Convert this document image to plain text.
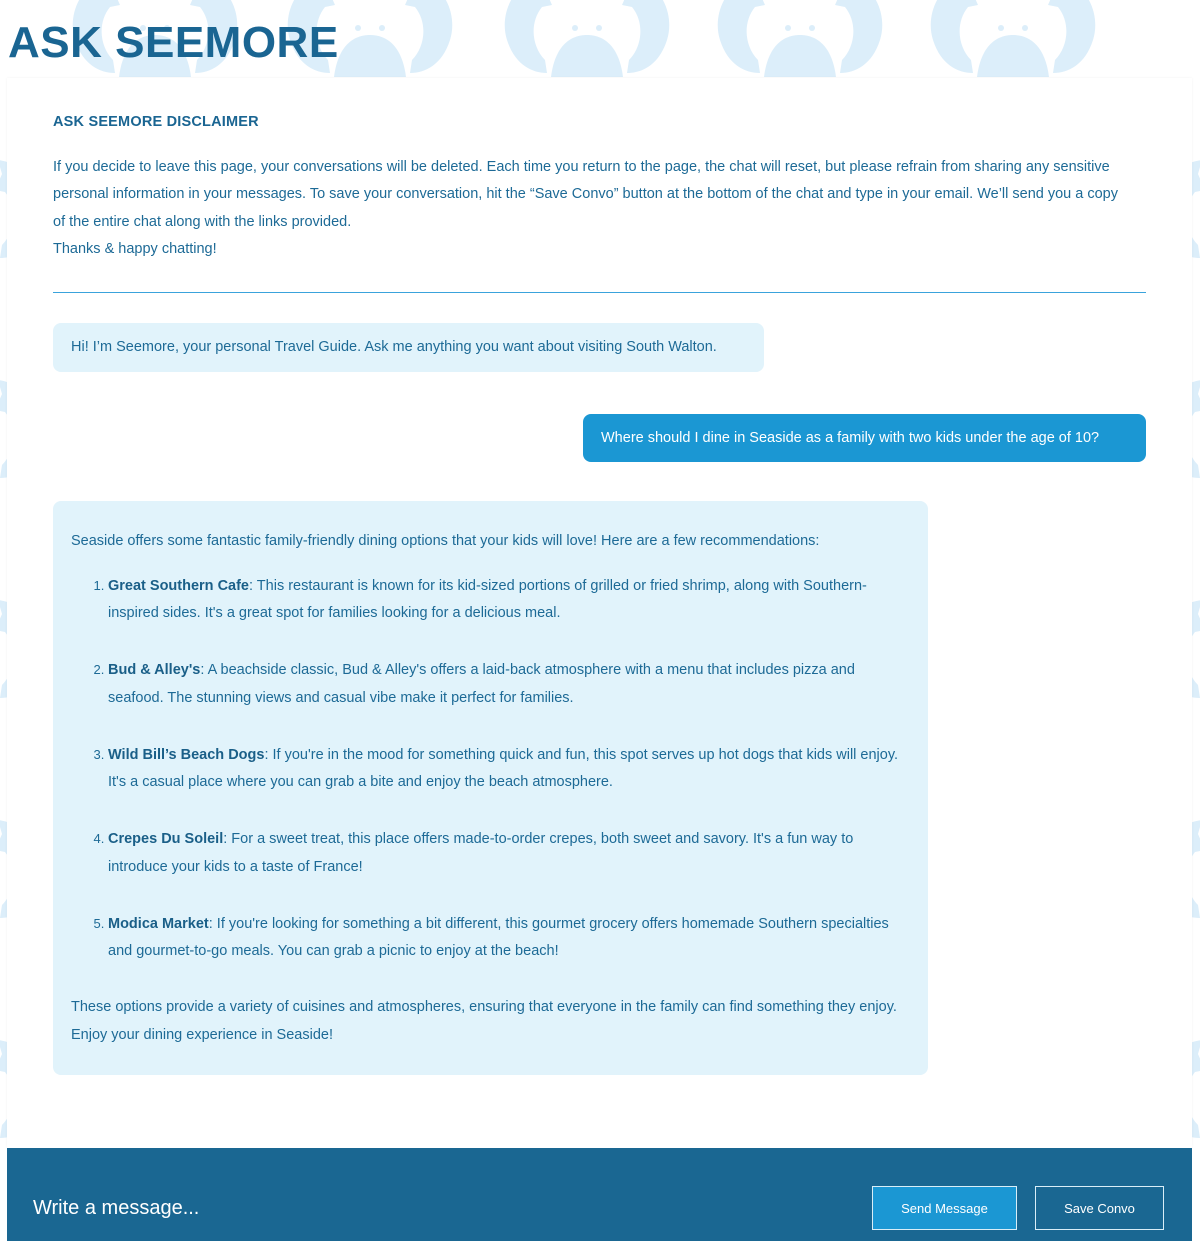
ASK SEEMORE
ASK SEEMORE DISCLAIMER

If you decide to leave this page, your conversations will be deleted. Each time you return to the page, the chat will reset, but please refrain from sharing any sensitive personal information in your messages. To save your conversation, hit the “Save Convo” button at the bottom of the chat and type in your email. We’ll send you a copy of the entire chat along with the links provided.

Thanks & happy chatting!

Hi! I’m Seemore, your personal Travel Guide. Ask me anything you want about visiting South Walton.
Where should I dine in Seaside as a family with two kids under the age of 10?

Seaside offers some fantastic family-friendly dining options that your kids will love! Here are a few recommendations:

1. Great Southern Cafe: This restaurant is known for its kid-sized portions of grilled or fried shrimp, along with Southern-inspired sides. It's a great spot for families looking for a delicious meal.
2. Bud & Alley's: A beachside classic, Bud & Alley's offers a laid-back atmosphere with a menu that includes pizza and seafood. The stunning views and casual vibe make it perfect for families.
3. Wild Bill’s Beach Dogs: If you're in the mood for something quick and fun, this spot serves up hot dogs that kids will enjoy. It's a casual place where you can grab a bite and enjoy the beach atmosphere.
4. Crepes Du Soleil: For a sweet treat, this place offers made-to-order crepes, both sweet and savory. It's a fun way to introduce your kids to a taste of France!
5. Modica Market: If you're looking for something a bit different, this gourmet grocery offers homemade Southern specialties and gourmet-to-go meals. You can grab a picnic to enjoy at the beach!

These options provide a variety of cuisines and atmospheres, ensuring that everyone in the family can find something they enjoy. Enjoy your dining experience in Seaside!

Write a message...
Send Message	Save Convo
